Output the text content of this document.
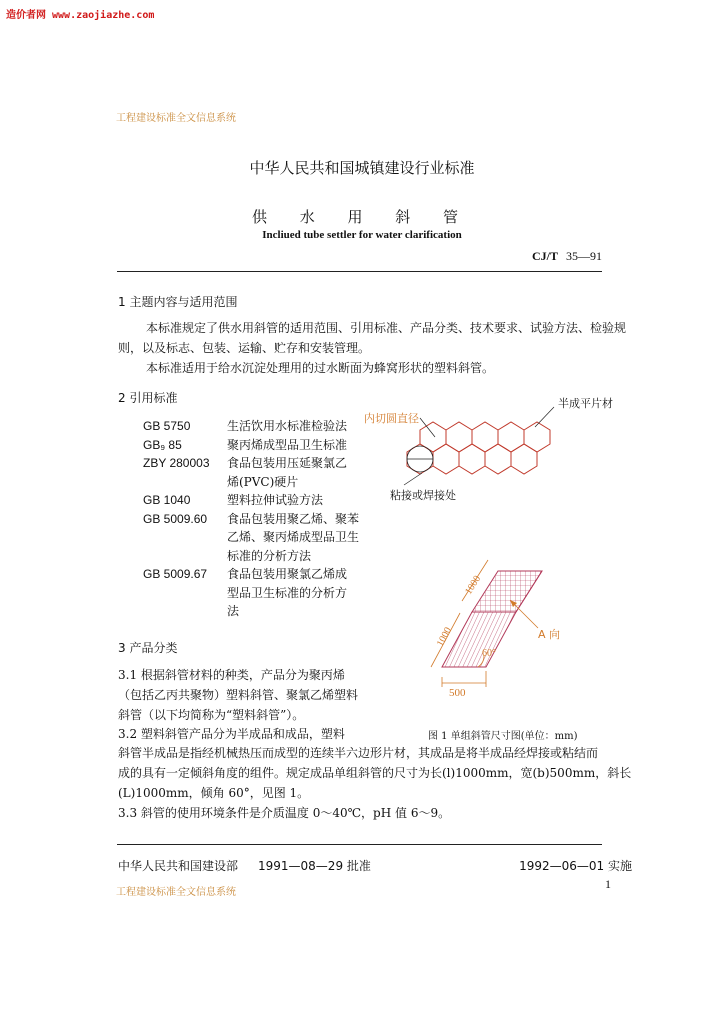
造价者网 www.zaojiazhe.com
工程建设标准全文信息系统
中华人民共和国城镇建设行业标准
供 水 用 斜 管
Incliued tube settler for water clarification
CJ/T 35—91
1 主题内容与适用范围
本标准规定了供水用斜管的适用范围、引用标准、产品分类、技术要求、试验方法、检验规
则，以及标志、包装、运输、贮存和安装管理。
本标准适用于给水沉淀处理用的过水断面为蜂窝形状的塑料斜管。
2 引用标准
GB 5750	生活饮用水标准检验法
GB₉ 85	聚丙烯成型品卫生标准
ZBY 280003 食品包装用压延聚氯乙
烯(PVC)硬片
GB 1040	塑料拉伸试验方法
GB 5009.60 食品包装用聚乙烯、聚苯
乙烯、聚丙烯成型品卫生
标准的分析方法
GB 5009.67 食品包装用聚氯乙烯成
型品卫生标准的分析方
法
3 产品分类
3.1 根据斜管材料的种类，产品分为聚丙烯
（包括乙丙共聚物）塑料斜管、聚氯乙烯塑料
斜管（以下均简称为“塑料斜管”）。
3.2 塑料斜管产品分为半成品和成品，塑料
斜管半成品是指经机械热压而成型的连续半六边形片材，其成品是将半成品经焊接或粘结而
成的具有一定倾斜角度的组件。规定成品单组斜管的尺寸为长(l)1000mm，宽(b)500mm，斜长
(L)1000mm，倾角 60°，见图 1。
3.3 斜管的使用环境条件是介质温度 0～40℃，pH 值 6～9。
半成平片材
内切圆直径
粘接或焊接处
1000
1000	A 向
60°
500
图 1 单组斜管尺寸图(单位：mm)
中华人民共和国建设部 1991—08—29 批准	1992—06—01 实施
工程建设标准全文信息系统
1
